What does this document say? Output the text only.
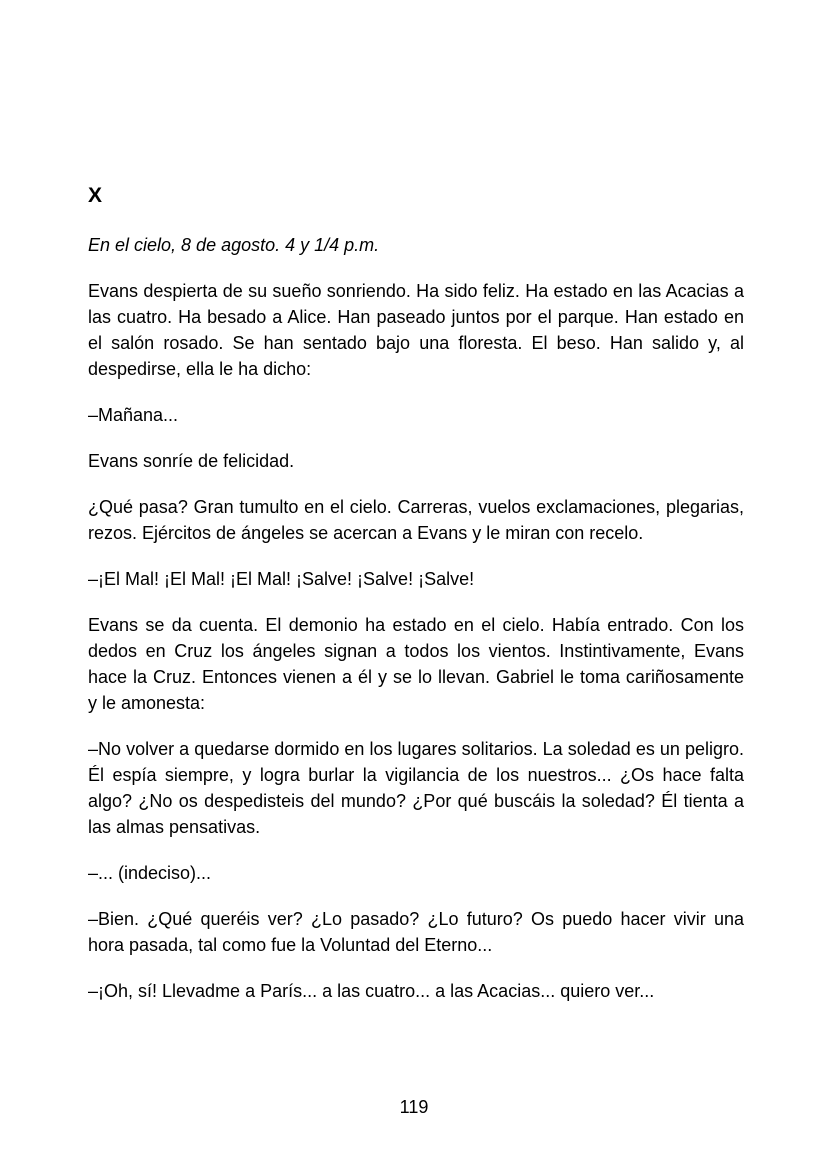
X

En el cielo, 8 de agosto. 4 y 1/4 p.m.

Evans despierta de su sueño sonriendo. Ha sido feliz. Ha estado en las Acacias a las cuatro. Ha besado a Alice. Han paseado juntos por el parque. Han estado en el salón rosado. Se han sentado bajo una floresta. El beso. Han salido y, al despedirse, ella le ha dicho:

–Mañana...

Evans sonríe de felicidad.

¿Qué pasa? Gran tumulto en el cielo. Carreras, vuelos exclamaciones, plegarias, rezos. Ejércitos de ángeles se acercan a Evans y le miran con recelo.

–¡El Mal! ¡El Mal! ¡El Mal! ¡Salve! ¡Salve! ¡Salve!

Evans se da cuenta. El demonio ha estado en el cielo. Había entrado. Con los dedos en Cruz los ángeles signan a todos los vientos. Instintivamente, Evans hace la Cruz. Entonces vienen a él y se lo llevan. Gabriel le toma cariñosamente y le amonesta:

–No volver a quedarse dormido en los lugares solitarios. La soledad es un peligro. Él espía siempre, y logra burlar la vigilancia de los nuestros... ¿Os hace falta algo? ¿No os despedisteis del mundo? ¿Por qué buscáis la soledad? Él tienta a las almas pensativas.

–... (indeciso)...

–Bien. ¿Qué queréis ver? ¿Lo pasado? ¿Lo futuro? Os puedo hacer vivir una hora pasada, tal como fue la Voluntad del Eterno...

–¡Oh, sí! Llevadme a París... a las cuatro... a las Acacias... quiero ver...

119
